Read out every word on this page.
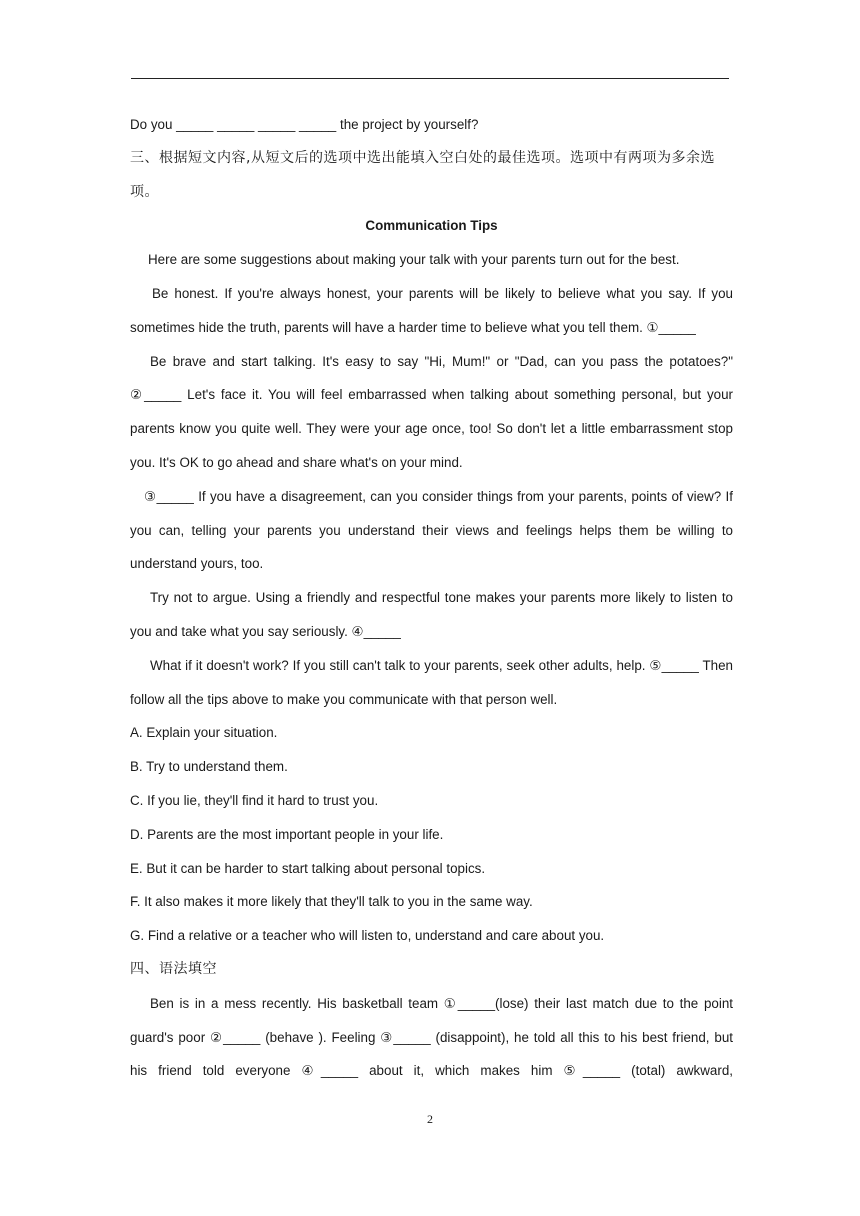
Do you _____ _____ _____ _____ the project by yourself?

三、根据短文内容,从短文后的选项中选出能填入空白处的最佳选项。选项中有两项为多余选项。

Communication Tips

Here are some suggestions about making your talk with your parents turn out for the best.

Be honest. If you're always honest, your parents will be likely to believe what you say. If you sometimes hide the truth, parents will have a harder time to believe what you tell them. ①_____

Be brave and start talking. It's easy to say "Hi, Mum!" or "Dad, can you pass the potatoes?" ②_____ Let's face it. You will feel embarrassed when talking about something personal, but your parents know you quite well. They were your age once, too! So don't let a little embarrassment stop you. It's OK to go ahead and share what's on your mind.

③_____ If you have a disagreement, can you consider things from your parents, points of view? If you can, telling your parents you understand their views and feelings helps them be willing to understand yours, too.

Try not to argue. Using a friendly and respectful tone makes your parents more likely to listen to you and take what you say seriously. ④_____

What if it doesn't work? If you still can't talk to your parents, seek other adults, help. ⑤_____ Then follow all the tips above to make you communicate with that person well.

A. Explain your situation.

B. Try to understand them.

C. If you lie, they'll find it hard to trust you.

D. Parents are the most important people in your life.

E. But it can be harder to start talking about personal topics.

F. It also makes it more likely that they'll talk to you in the same way.

G. Find a relative or a teacher who will listen to, understand and care about you.

四、语法填空

Ben is in a mess recently. His basketball team ①_____(lose) their last match due to the point guard's poor ②_____ (behave ). Feeling ③_____ (disappoint), he told all this to his best friend, but his friend told everyone ④_____ about it, which makes him ⑤_____ (total) awkward,

2
